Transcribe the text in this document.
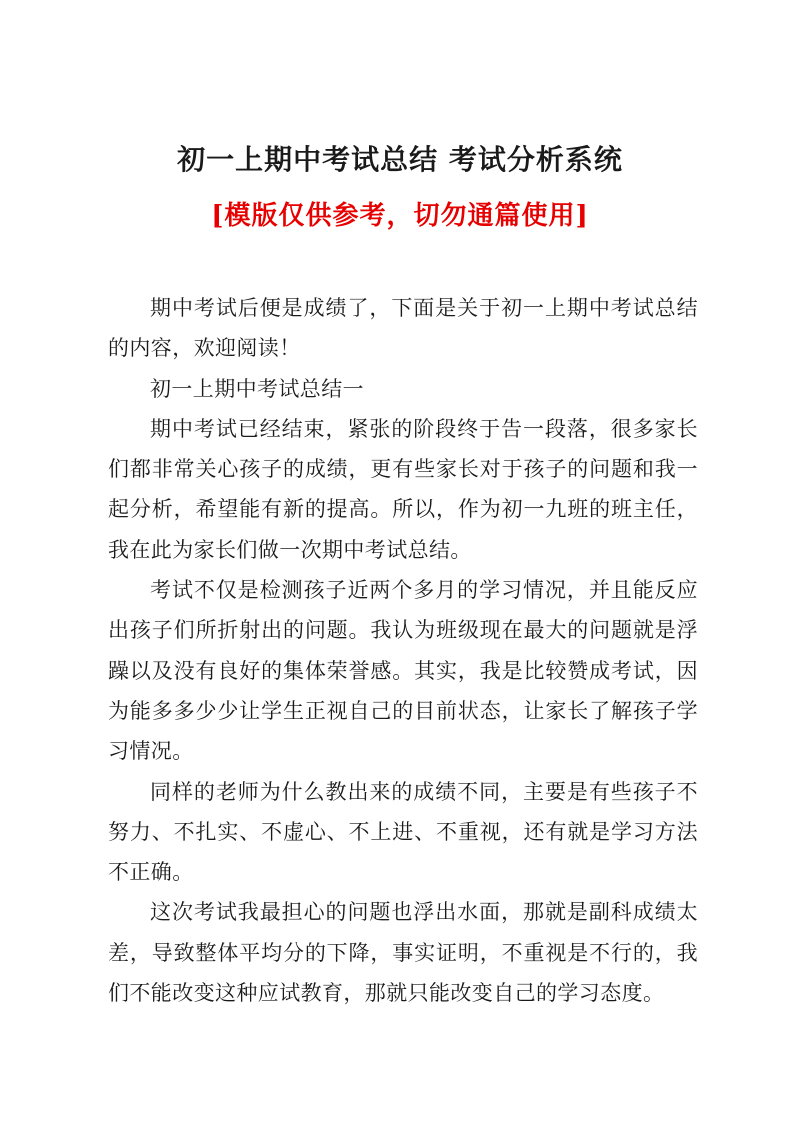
初一上期中考试总结 考试分析系统
[模版仅供参考，切勿通篇使用]

期中考试后便是成绩了，下面是关于初一上期中考试总结的内容，欢迎阅读！

初一上期中考试总结一

期中考试已经结束，紧张的阶段终于告一段落，很多家长们都非常关心孩子的成绩，更有些家长对于孩子的问题和我一起分析，希望能有新的提高。所以，作为初一九班的班主任，我在此为家长们做一次期中考试总结。

考试不仅是检测孩子近两个多月的学习情况，并且能反应出孩子们所折射出的问题。我认为班级现在最大的问题就是浮躁以及没有良好的集体荣誉感。其实，我是比较赞成考试，因为能多多少少让学生正视自己的目前状态，让家长了解孩子学习情况。

同样的老师为什么教出来的成绩不同，主要是有些孩子不努力、不扎实、不虚心、不上进、不重视，还有就是学习方法不正确。

这次考试我最担心的问题也浮出水面，那就是副科成绩太差，导致整体平均分的下降，事实证明，不重视是不行的，我们不能改变这种应试教育，那就只能改变自己的学习态度。
